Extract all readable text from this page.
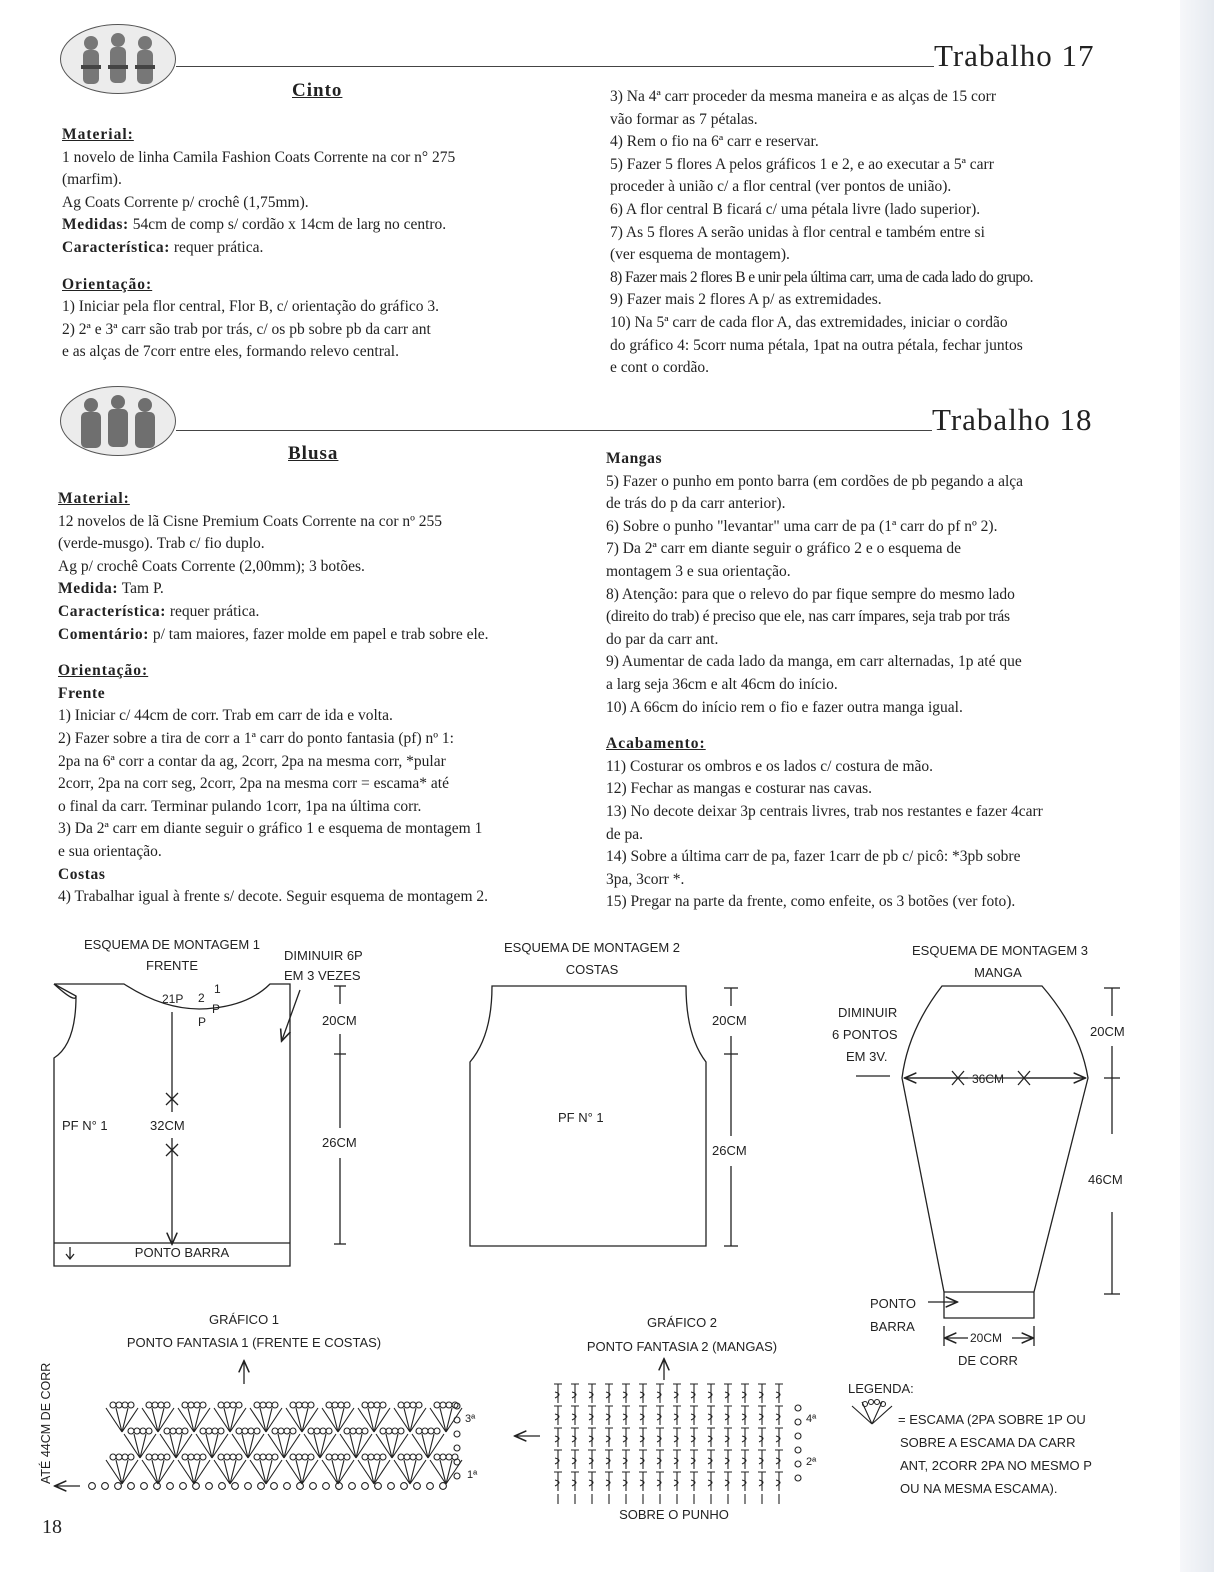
Trabalho 17
Cinto
Material:
1 novelo de linha Camila Fashion Coats Corrente na cor n° 275
(marfim).
Ag Coats Corrente p/ crochê (1,75mm).
Medidas: 54cm de comp s/ cordão x 14cm de larg no centro.
Característica: requer prática.
Orientação:
1) Iniciar pela flor central, Flor B, c/ orientação do gráfico 3.
2) 2ª e 3ª carr são trab por trás, c/ os pb sobre pb da carr ant
e as alças de 7corr entre eles, formando relevo central.
3) Na 4ª carr proceder da mesma maneira e as alças de 15 corr
vão formar as 7 pétalas.
4) Rem o fio na 6ª carr e reservar.
5) Fazer 5 flores A pelos gráficos 1 e 2, e ao executar a 5ª carr
proceder à união c/ a flor central (ver pontos de união).
6) A flor central B ficará c/ uma pétala livre (lado superior).
7) As 5 flores A serão unidas à flor central e também entre si
(ver esquema de montagem).
8) Fazer mais 2 flores B e unir pela última carr, uma de cada lado do grupo.
9) Fazer mais 2 flores A p/ as extremidades.
10) Na 5ª carr de cada flor A, das extremidades, iniciar o cordão
do gráfico 4: 5corr numa pétala, 1pat na outra pétala, fechar juntos
e cont o cordão.
Trabalho 18
Blusa
Material:
12 novelos de lã Cisne Premium Coats Corrente na cor nº 255
(verde-musgo). Trab c/ fio duplo.
Ag p/ crochê Coats Corrente (2,00mm); 3 botões.
Medida: Tam P.
Característica: requer prática.
Comentário: p/ tam maiores, fazer molde em papel e trab sobre ele.
Orientação:
Frente
1) Iniciar c/ 44cm de corr. Trab em carr de ida e volta.
2) Fazer sobre a tira de corr a 1ª carr do ponto fantasia (pf) nº 1:
2pa na 6ª corr a contar da ag, 2corr, 2pa na mesma corr, *pular
2corr, 2pa na corr seg, 2corr, 2pa na mesma corr = escama* até
o final da carr. Terminar pulando 1corr, 1pa na última corr.
3) Da 2ª carr em diante seguir o gráfico 1 e esquema de montagem 1
e sua orientação.
Costas
4) Trabalhar igual à frente s/ decote. Seguir esquema de montagem 2.
Mangas
5) Fazer o punho em ponto barra (em cordões de pb pegando a alça
de trás do p da carr anterior).
6) Sobre o punho "levantar" uma carr de pa (1ª carr do pf nº 2).
7) Da 2ª carr em diante seguir o gráfico 2 e o esquema de
montagem 3 e sua orientação.
8) Atenção: para que o relevo do par fique sempre do mesmo lado
(direito do trab) é preciso que ele, nas carr ímpares, seja trab por trás
do par da carr ant.
9) Aumentar de cada lado da manga, em carr alternadas, 1p até que
a larg seja 36cm e alt 46cm do início.
10) A 66cm do início rem o fio e fazer outra manga igual.
Acabamento:
11) Costurar os ombros e os lados c/ costura de mão.
12) Fechar as mangas e costurar nas cavas.
13) No decote deixar 3p centrais livres, trab nos restantes e fazer 4carr
de pa.
14) Sobre a última carr de pa, fazer 1carr de pb c/ picô: *3pb sobre
3pa, 3corr *.
15) Pregar na parte da frente, como enfeite, os 3 botões (ver foto).
ESQUEMA DE MONTAGEM 1
FRENTE
DIMINUIR 6P
EM 3 VEZES
21P 2
1
P
P
20CM
26CM
32CM
PF N° 1
PONTO BARRA
ESQUEMA DE MONTAGEM 2
COSTAS
20CM
26CM
PF N° 1
ESQUEMA DE MONTAGEM 3
MANGA
DIMINUIR
6 PONTOS
EM 3V.
36CM
20CM
46CM
PONTO
BARRA
20CM
DE CORR
GRÁFICO 1
PONTO FANTASIA 1 (FRENTE E COSTAS)
3ª
1ª
ATÉ 44CM DE CORR
GRÁFICO 2
PONTO FANTASIA 2 (MANGAS)
4ª
2ª
SOBRE O PUNHO
LEGENDA:
= ESCAMA (2PA SOBRE 1P OU
SOBRE A ESCAMA DA CARR
ANT, 2CORR 2PA NO MESMO P
OU NA MESMA ESCAMA).
18
